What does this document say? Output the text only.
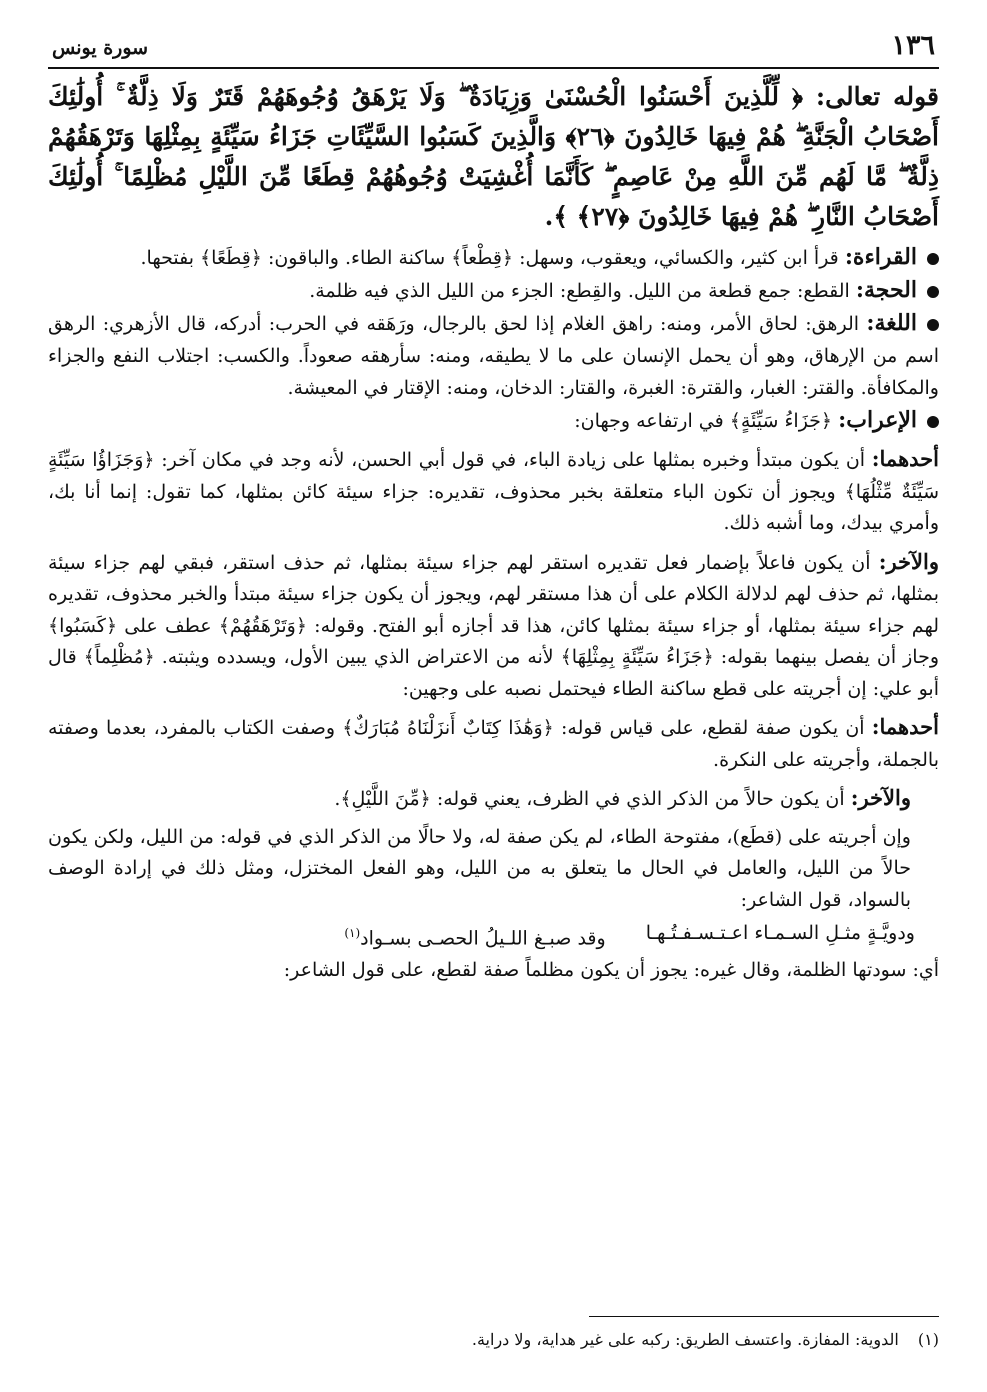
١٣٦
سورة يونس
قوله تعالى: ﴿ لِّلَّذِينَ أَحْسَنُوا الْحُسْنَىٰ وَزِيَادَةٌ ۖ وَلَا يَرْهَقُ وُجُوهَهُمْ قَتَرٌ وَلَا ذِلَّةٌ ۚ أُولَٰئِكَ أَصْحَابُ الْجَنَّةِ ۖ هُمْ فِيهَا خَالِدُونَ ﴿٢٦﴾ وَالَّذِينَ كَسَبُوا السَّيِّئَاتِ جَزَاءُ سَيِّئَةٍ بِمِثْلِهَا وَتَرْهَقُهُمْ ذِلَّةٌ ۖ مَّا لَهُم مِّنَ اللَّهِ مِنْ عَاصِمٍ ۖ كَأَنَّمَا أُغْشِيَتْ وُجُوهُهُمْ قِطَعًا مِّنَ اللَّيْلِ مُظْلِمًا ۚ أُولَٰئِكَ أَصْحَابُ النَّارِ ۖ هُمْ فِيهَا خَالِدُونَ ﴿٢٧﴾ ﴾.

القراءة: قرأ ابن كثير، والكسائي، ويعقوب، وسهل: ﴿قِطْعاً﴾ ساكنة الطاء. والباقون: ﴿قِطَعًا﴾ بفتحها.

الحجة: القطع: جمع قطعة من الليل. والقِطع: الجزء من الليل الذي فيه ظلمة.

اللغة: الرهق: لحاق الأمر، ومنه: راهق الغلام إذا لحق بالرجال، ورَهَقه في الحرب: أدركه، قال الأزهري: الرهق اسم من الإرهاق، وهو أن يحمل الإنسان على ما لا يطيقه، ومنه: سأرهقه صعوداً. والكسب: اجتلاب النفع والجزاء والمكافأة. والقتر: الغبار، والقترة: الغبرة، والقتار: الدخان، ومنه: الإقتار في المعيشة.

الإعراب: ﴿جَزَاءُ سَيِّئَةٍ﴾ في ارتفاعه وجهان:

أحدهما: أن يكون مبتدأ وخبره بمثلها على زيادة الباء، في قول أبي الحسن، لأنه وجد في مكان آخر: ﴿وَجَزَاؤُا سَيِّئَةٍ سَيِّئَةٌ مِّثْلُهَا﴾ ويجوز أن تكون الباء متعلقة بخبر محذوف، تقديره: جزاء سيئة كائن بمثلها، كما تقول: إنما أنا بك، وأمري بيدك، وما أشبه ذلك.

والآخر: أن يكون فاعلاً بإضمار فعل تقديره استقر لهم جزاء سيئة بمثلها، ثم حذف استقر، فبقي لهم جزاء سيئة بمثلها، ثم حذف لهم لدلالة الكلام على أن هذا مستقر لهم، ويجوز أن يكون جزاء سيئة مبتدأ والخبر محذوف، تقديره لهم جزاء سيئة بمثلها، أو جزاء سيئة بمثلها كائن، هذا قد أجازه أبو الفتح. وقوله: ﴿وَتَرْهَقُهُمْ﴾ عطف على ﴿كَسَبُوا﴾ وجاز أن يفصل بينهما بقوله: ﴿جَزَاءُ سَيِّئَةٍ بِمِثْلِهَا﴾ لأنه من الاعتراض الذي يبين الأول، ويسدده ويثبته. ﴿مُظْلِماً﴾ قال أبو علي: إن أجريته على قطع ساكنة الطاء فيحتمل نصبه على وجهين:

أحدهما: أن يكون صفة لقطع، على قياس قوله: ﴿وَهَٰذَا كِتَابٌ أَنزَلْنَاهُ مُبَارَكٌ﴾ وصفت الكتاب بالمفرد، بعدما وصفته بالجملة، وأجريته على النكرة.

والآخر: أن يكون حالاً من الذكر الذي في الظرف، يعني قوله: ﴿مِّنَ اللَّيْلِ﴾.

وإن أجريته على (قطَع)، مفتوحة الطاء، لم يكن صفة له، ولا حالًا من الذكر الذي في قوله: من الليل، ولكن يكون حالاً من الليل، والعامل في الحال ما يتعلق به من الليل، وهو الفعل المختزل، ومثل ذلك في إرادة الوصف بالسواد، قول الشاعر:

ودويَّـةٍ مثـلِ السـمـاء اعـتـسـفـتُـهـا
وقد صبـغ اللـيلُ الحصـى بسـواد$^{(١)}$

أي: سودتها الظلمة، وقال غيره: يجوز أن يكون مظلماً صفة لقطع، على قول الشاعر:

(١) الدوية: المفازة. واعتسف الطريق: ركبه على غير هداية، ولا دراية.
